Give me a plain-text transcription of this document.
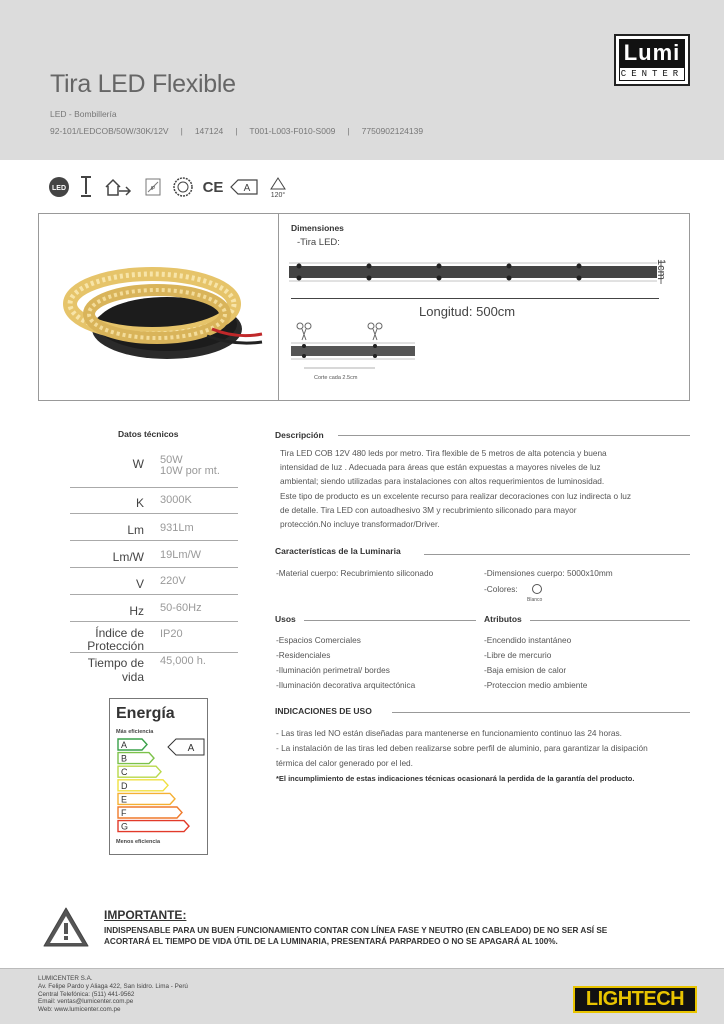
Tira LED Flexible
LED - Bombillería
92-101/LEDCOB/50W/30K/12V | 147124 | T001-L003-F010-S009 | 7750902124139
Lumi
CENTER
LED	IP	CE A
120°
Dimensiones
-Tira LED:
Longitud: 500cm
1cm
Corte cada 2.5cm
Datos técnicos
W 50W
10W por mt.
K 3000K
Lm 931Lm
Lm/W 19Lm/W
V 220V
Hz 50-60Hz
Índice de
Protección
IP20
Tiempo de vida
45,000 h.
Energía
Más eficiencia
A
B
C
D
E
F
G
A
Menos eficiencia
Descripción
Tira LED COB 12V 480 leds por metro. Tira flexible de 5 metros de alta potencia y buena
intensidad de luz . Adecuada para áreas que están expuestas a mayores niveles de luz
ambiental; siendo utilizadas para instalaciones con altos requerimientos de luminosidad.
Este tipo de producto es un excelente recurso para realizar decoraciones con luz indirecta o luz
de detalle. Tira LED con autoadhesivo 3M y recubrimiento siliconado para mayor
protección.No incluye transformador/Driver.
Características de la Luminaria
-Material cuerpo: Recubrimiento siliconado	-Dimensiones cuerpo: 5000x10mm
-Colores:
Blanco
Usos
-Espacios Comerciales
-Residenciales
-Iluminación perimetral/ bordes
-Iluminación decorativa arquitectónica
Atributos
-Encendido instantáneo
-Libre de mercurio
-Baja emision de calor
-Proteccion medio ambiente
INDICACIONES DE USO
- Las tiras led NO están diseñadas para mantenerse en funcionamiento continuo las 24 horas.
- La instalación de las tiras led deben realizarse sobre perfil de aluminio, para garantizar la disipación
térmica del calor generado por el led.
*El incumplimiento de estas indicaciones técnicas ocasionará la perdida de la garantía del producto.
IMPORTANTE:
INDISPENSABLE PARA UN BUEN FUNCIONAMIENTO CONTAR CON LÍNEA FASE Y NEUTRO (EN CABLEADO) DE NO SER ASÍ SE
ACORTARÁ EL TIEMPO DE VIDA ÚTIL DE LA LUMINARIA, PRESENTARÁ PARPARDEO O NO SE APAGARÁ AL 100%.
LUMICENTER S.A.
Av. Felipe Pardo y Aliaga 422, San Isidro. Lima - Perú
Central Telefónica: (511) 441-9562
Email: ventas@lumicenter.com.pe
Web: www.lumicenter.com.pe	LIGHTECH
